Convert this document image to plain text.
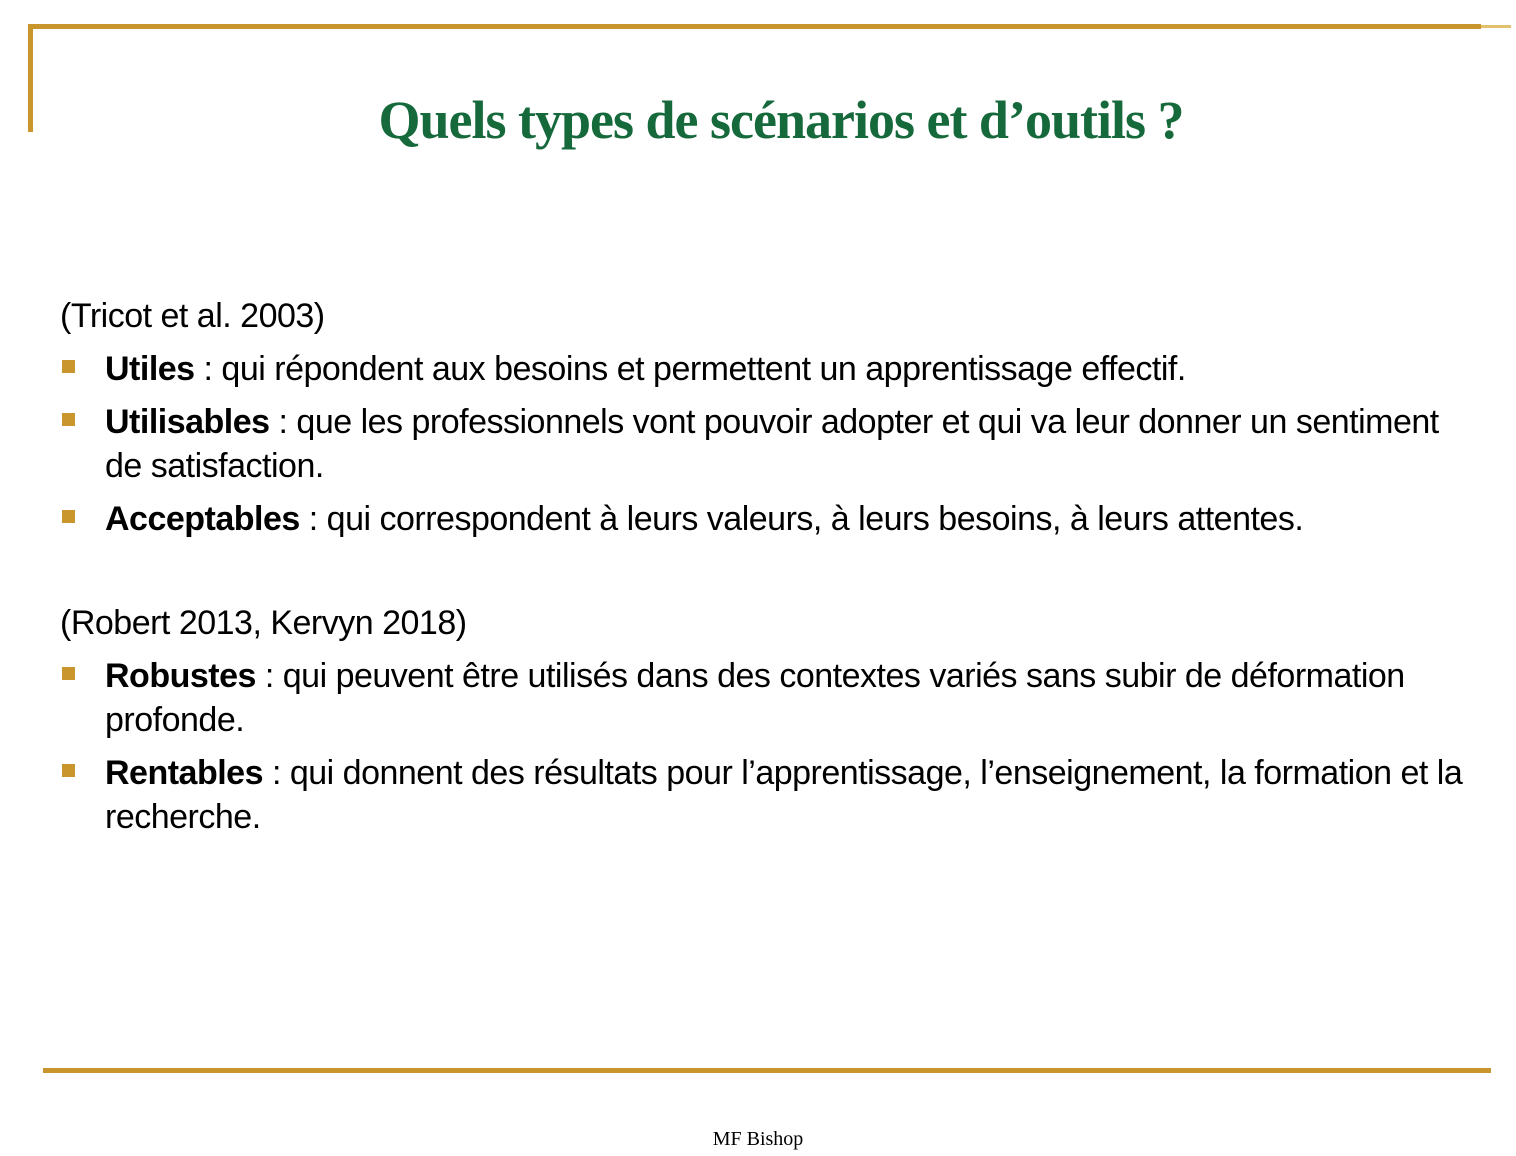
Quels types de scénarios et d’outils ?
(Tricot et al. 2003)
Utiles : qui répondent aux besoins et permettent un apprentissage effectif.
Utilisables : que les professionnels vont pouvoir adopter et qui va leur donner un sentiment de satisfaction.
Acceptables : qui correspondent à leurs valeurs, à leurs besoins, à leurs attentes.
(Robert 2013, Kervyn 2018)
Robustes : qui peuvent être utilisés dans des contextes variés sans subir de déformation profonde.
Rentables : qui donnent des résultats pour l’apprentissage, l’enseignement, la formation et la recherche.
MF Bishop
